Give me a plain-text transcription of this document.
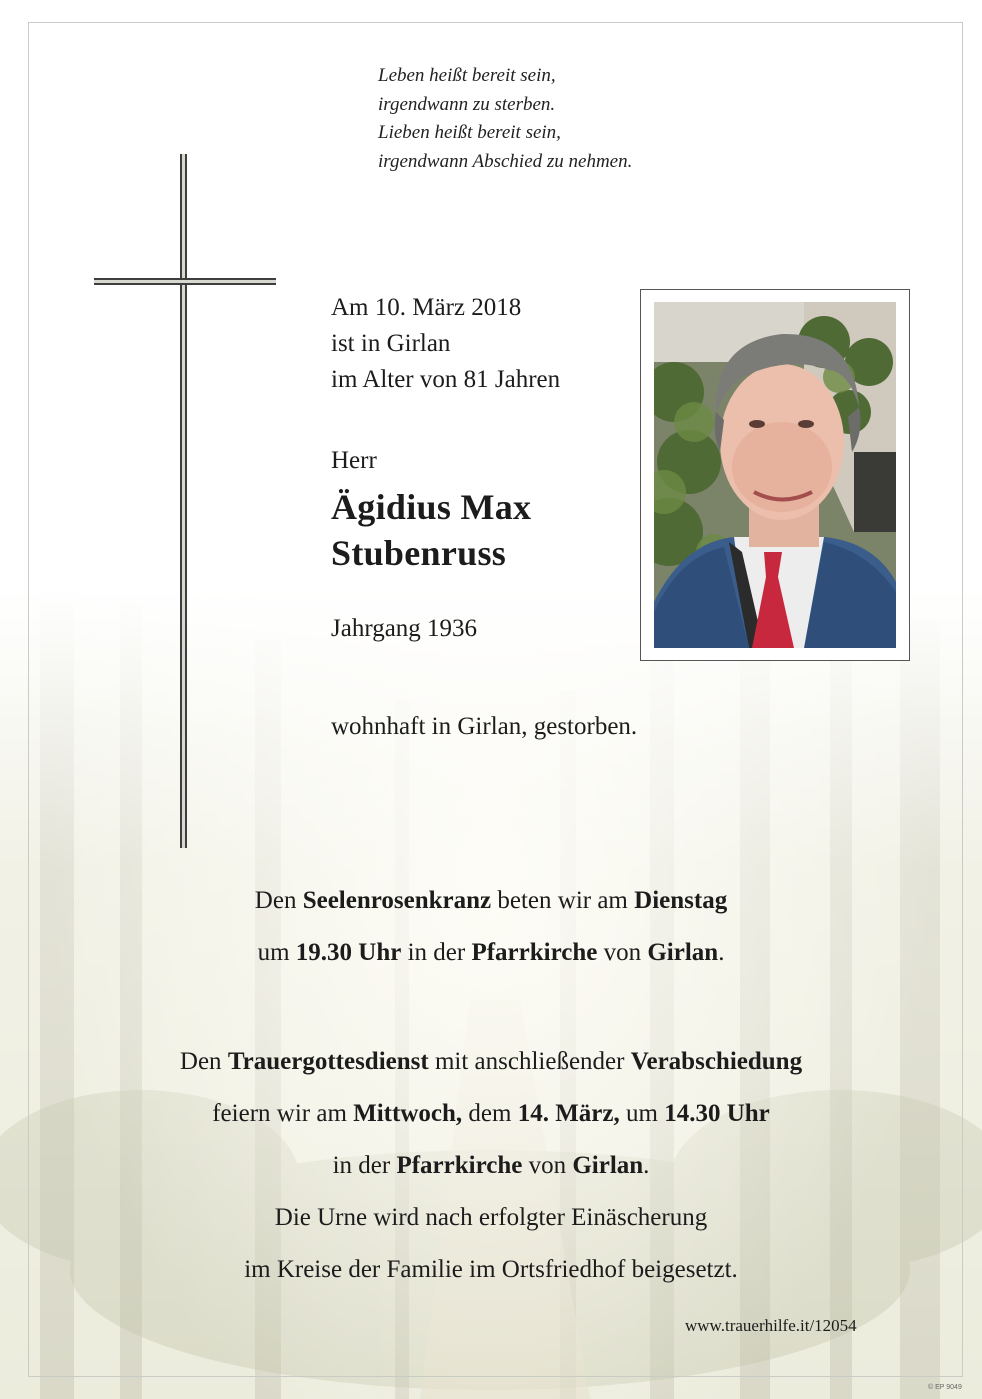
Leben heißt bereit sein,
irgendwann zu sterben.
Lieben heißt bereit sein,
irgendwann Abschied zu nehmen.
Am 10. März 2018
ist in Girlan
im Alter von 81 Jahren
Herr
Ägidius Max
Stubenruss
Jahrgang 1936
wohnhaft in Girlan, gestorben.
Den Seelenrosenkranz beten wir am Dienstag
um 19.30 Uhr in der Pfarrkirche von Girlan.
Den Trauergottesdienst mit anschließender Verabschiedung
feiern wir am Mittwoch, dem 14. März, um 14.30 Uhr
in der Pfarrkirche von Girlan.
Die Urne wird nach erfolgter Einäscherung
im Kreise der Familie im Ortsfriedhof beigesetzt.
www.trauerhilfe.it/12054
© EP 9049
